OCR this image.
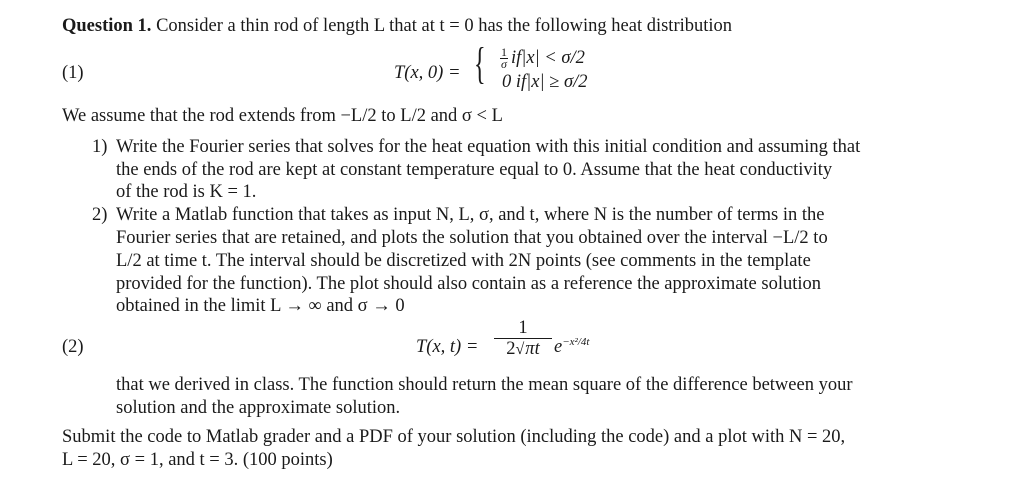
Question 1. Consider a thin rod of length L that at t = 0 has the following heat distribution
(1)	T(x, 0) = { $\frac{1}{\sigma} if|x| < \sigma/2$
0 if|x| ≥ σ/2
We assume that the rod extends from −L/2 to L/2 and σ < L
1) Write the Fourier series that solves for the heat equation with this initial condition and assuming that
the ends of the rod are kept at constant temperature equal to 0. Assume that the heat conductivity
of the rod is K = 1.
2) Write a Matlab function that takes as input N, L, σ, and t, where N is the number of terms in the
Fourier series that are retained, and plots the solution that you obtained over the interval −L/2 to
L/2 at time t. The interval should be discretized with 2N points (see comments in the template
provided for the function). The plot should also contain as a reference the approximate solution
obtained in the limit L → ∞ and σ → 0
(2)	T(x, $t) = \frac{1}{2√\pi t} e^{-x^2/4t}$
that we derived in class. The function should return the mean square of the difference between your
solution and the approximate solution.
Submit the code to Matlab grader and a PDF of your solution (including the code) and a plot with N = 20,
L = 20, σ = 1, and t = 3. (100 points)
